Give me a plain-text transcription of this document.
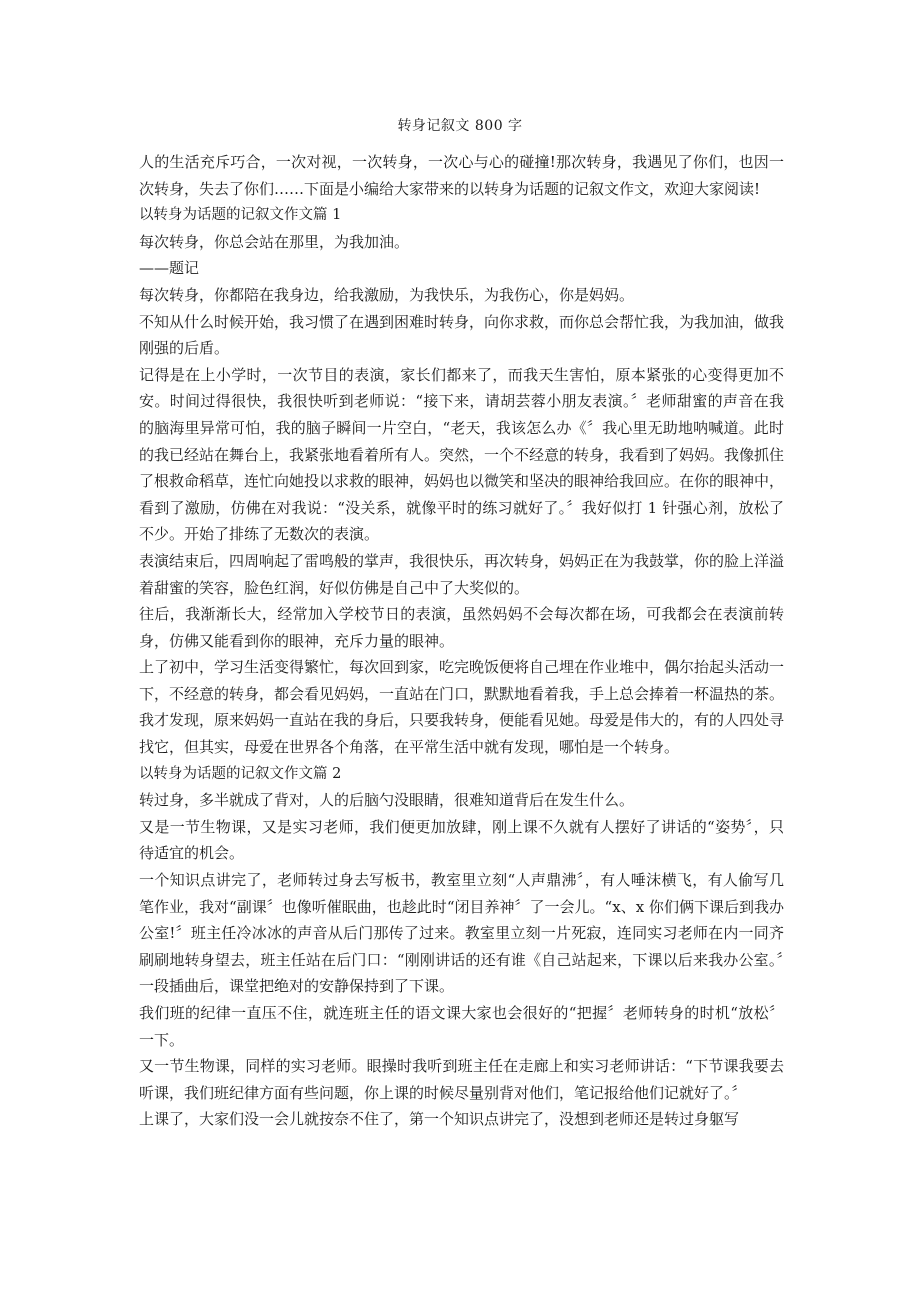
转身记叙文 800 字

人的生活充斥巧合，一次对视，一次转身，一次心与心的碰撞!那次转身，我遇见了你们，也因一次转身，失去了你们……下面是小编给大家带来的以转身为话题的记叙文作文，欢迎大家阅读!

以转身为话题的记叙文作文篇 1

每次转身，你总会站在那里，为我加油。

——题记

每次转身，你都陪在我身边，给我激励，为我快乐，为我伤心，你是妈妈。

不知从什么时候开始，我习惯了在遇到困难时转身，向你求救，而你总会帮忙我，为我加油，做我刚强的后盾。

记得是在上小学时，一次节目的表演，家长们都来了，而我天生害怕，原本紧张的心变得更加不安。时间过得很快，我很快听到老师说：“接下来，请胡芸蓉小朋友表演。〞老师甜蜜的声音在我的脑海里异常可怕，我的脑子瞬间一片空白，“老天，我该怎么办《〞我心里无助地呐喊道。此时的我已经站在舞台上，我紧张地看着所有人。突然，一个不经意的转身，我看到了妈妈。我像抓住了根救命稻草，连忙向她投以求救的眼神，妈妈也以微笑和坚决的眼神给我回应。在你的眼神中，看到了激励，仿佛在对我说：“没关系，就像平时的练习就好了。〞我好似打 1 针强心剂，放松了不少。开始了排练了无数次的表演。

表演结束后，四周响起了雷鸣般的掌声，我很快乐，再次转身，妈妈正在为我鼓掌，你的脸上洋溢着甜蜜的笑容，脸色红润，好似仿佛是自己中了大奖似的。

往后，我渐渐长大，经常加入学校节日的表演，虽然妈妈不会每次都在场，可我都会在表演前转身，仿佛又能看到你的眼神，充斥力量的眼神。

上了初中，学习生活变得繁忙，每次回到家，吃完晚饭便将自己埋在作业堆中，偶尔抬起头活动一下，不经意的转身，都会看见妈妈，一直站在门口，默默地看着我，手上总会捧着一杯温热的茶。

我才发现，原来妈妈一直站在我的身后，只要我转身，便能看见她。母爱是伟大的，有的人四处寻找它，但其实，母爱在世界各个角落，在平常生活中就有发现，哪怕是一个转身。

以转身为话题的记叙文作文篇 2

转过身，多半就成了背对，人的后脑勺没眼睛，很难知道背后在发生什么。

又是一节生物课，又是实习老师，我们便更加放肆，刚上课不久就有人摆好了讲话的“姿势〞，只待适宜的机会。

一个知识点讲完了，老师转过身去写板书，教室里立刻“人声鼎沸〞，有人唾沫横飞，有人偷写几笔作业，我对“副课〞也像听催眠曲，也趁此时“闭目养神〞了一会儿。“x、x 你们俩下课后到我办公室!〞班主任冷冰冰的声音从后门那传了过来。教室里立刻一片死寂，连同实习老师在内一同齐刷刷地转身望去，班主任站在后门口：“刚刚讲话的还有谁《自己站起来，下课以后来我办公室。〞一段插曲后，课堂把绝对的安静保持到了下课。

我们班的纪律一直压不住，就连班主任的语文课大家也会很好的“把握〞老师转身的时机“放松〞一下。

又一节生物课，同样的实习老师。眼操时我听到班主任在走廊上和实习老师讲话：“下节课我要去听课，我们班纪律方面有些问题，你上课的时候尽量别背对他们，笔记报给他们记就好了。〞

上课了，大家们没一会儿就按奈不住了，第一个知识点讲完了，没想到老师还是转过身躯写
